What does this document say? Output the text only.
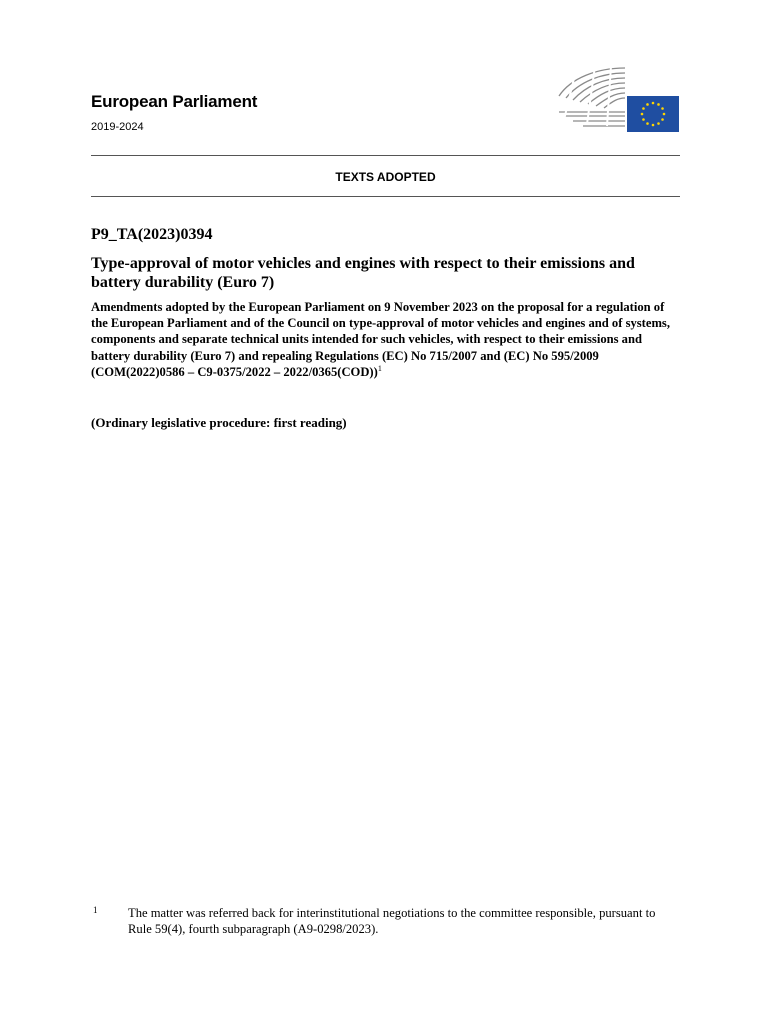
European Parliament
2019-2024
TEXTS ADOPTED
P9_TA(2023)0394
Type-approval of motor vehicles and engines with respect to their emissions and battery durability (Euro 7)
Amendments adopted by the European Parliament on 9 November 2023 on the proposal for a regulation of the European Parliament and of the Council on type-approval of motor vehicles and engines and of systems, components and separate technical units intended for such vehicles, with respect to their emissions and battery durability (Euro 7) and repealing Regulations (EC) No 715/2007 and (EC) No 595/2009 (COM(2022)0586 – C9-0375/2022 – 2022/0365(COD))$^1$
(Ordinary legislative procedure: first reading)
1 The matter was referred back for interinstitutional negotiations to the committee responsible, pursuant to Rule 59(4), fourth subparagraph (A9-0298/2023).
